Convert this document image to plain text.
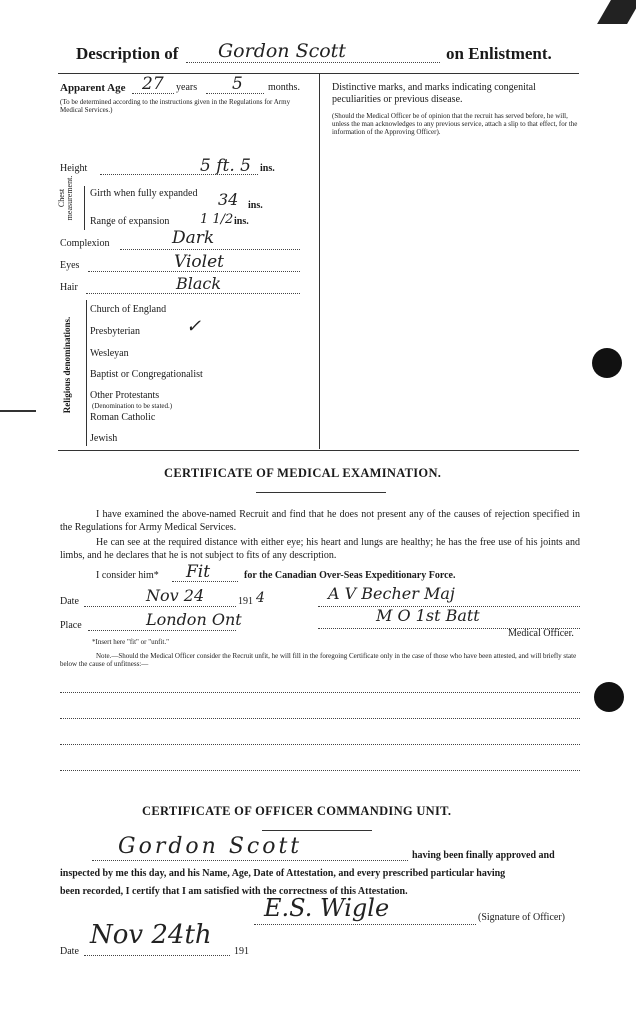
Description of Gordon Scott	on Enlistment.
Apparent Age 27 years 5	months.
(To be determined according to the instructions given in the Regulations for Army Medical Services.)
Distinctive marks, and marks indicating congenital peculiarities or previous disease.
(Should the Medical Officer be of opinion that the recruit has served before, he will, unless the man acknowledges to any previous service, attach a slip to that effect, for the information of the Approving Officer).
Height	5 ft. 5 ins.
Chest measurement. Girth when fully expanded 34 ins.
Range of expansion 1 1/2 ins.
Complexion	Dark
Eyes	Violet
Hair	Black
Religious denominations.
Church of England
Presbyterian	✓
Wesleyan
Baptist or Congregationalist
Other Protestants
(Denomination to be stated.)
Roman Catholic
Jewish
CERTIFICATE OF MEDICAL EXAMINATION.
I have examined the above-named Recruit and find that he does not present any of the causes of rejection specified in the Regulations for Army Medical Services.
He can see at the required distance with either eye; his heart and lungs are healthy; he has the free use of his joints and limbs, and he declares that he is not subject to fits of any description.
I consider him* Fit	for the Canadian Over-Seas Expeditionary Force.
Date	Nov 24	191 4	A V Becher Maj
Place	London Ont	M O 1st Batt
Medical Officer.
*Insert here "fit" or "unfit."
Note.—Should the Medical Officer consider the Recruit unfit, he will fill in the foregoing Certificate only in the case of those who have been attested, and will briefly state below the cause of unfitness:—
CERTIFICATE OF OFFICER COMMANDING UNIT.
Gordon Scott	having been finally approved and
inspected by me this day, and his Name, Age, Date of Attestation, and every prescribed particular having
been recorded, I certify that I am satisfied with the correctness of this Attestation.
E.S. Wigle	(Signature of Officer)
Date
Nov 24th
191
